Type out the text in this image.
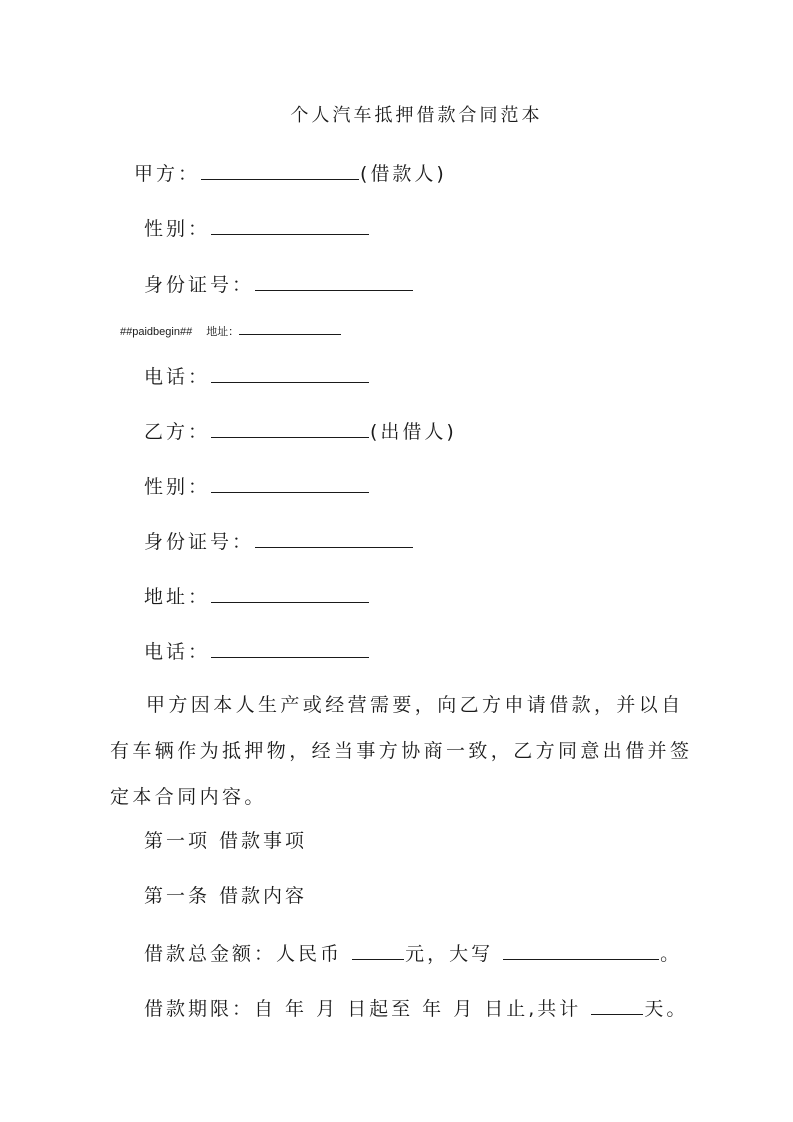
个人汽车抵押借款合同范本
甲方：	(借款人)
性别：
身份证号：
##paidbegin## 地址：
电话：
乙方：	(出借人)
性别：
身份证号：
地址：
电话：
甲方因本人生产或经营需要，向乙方申请借款，并以自有车辆作为抵押物，经当事方协商一致，乙方同意出借并签定本合同内容。
第一项 借款事项
第一条 借款内容
借款总金额：人民币	元，大写	。
借款期限：自 年 月 日起至 年 月 日止,共计	天。
